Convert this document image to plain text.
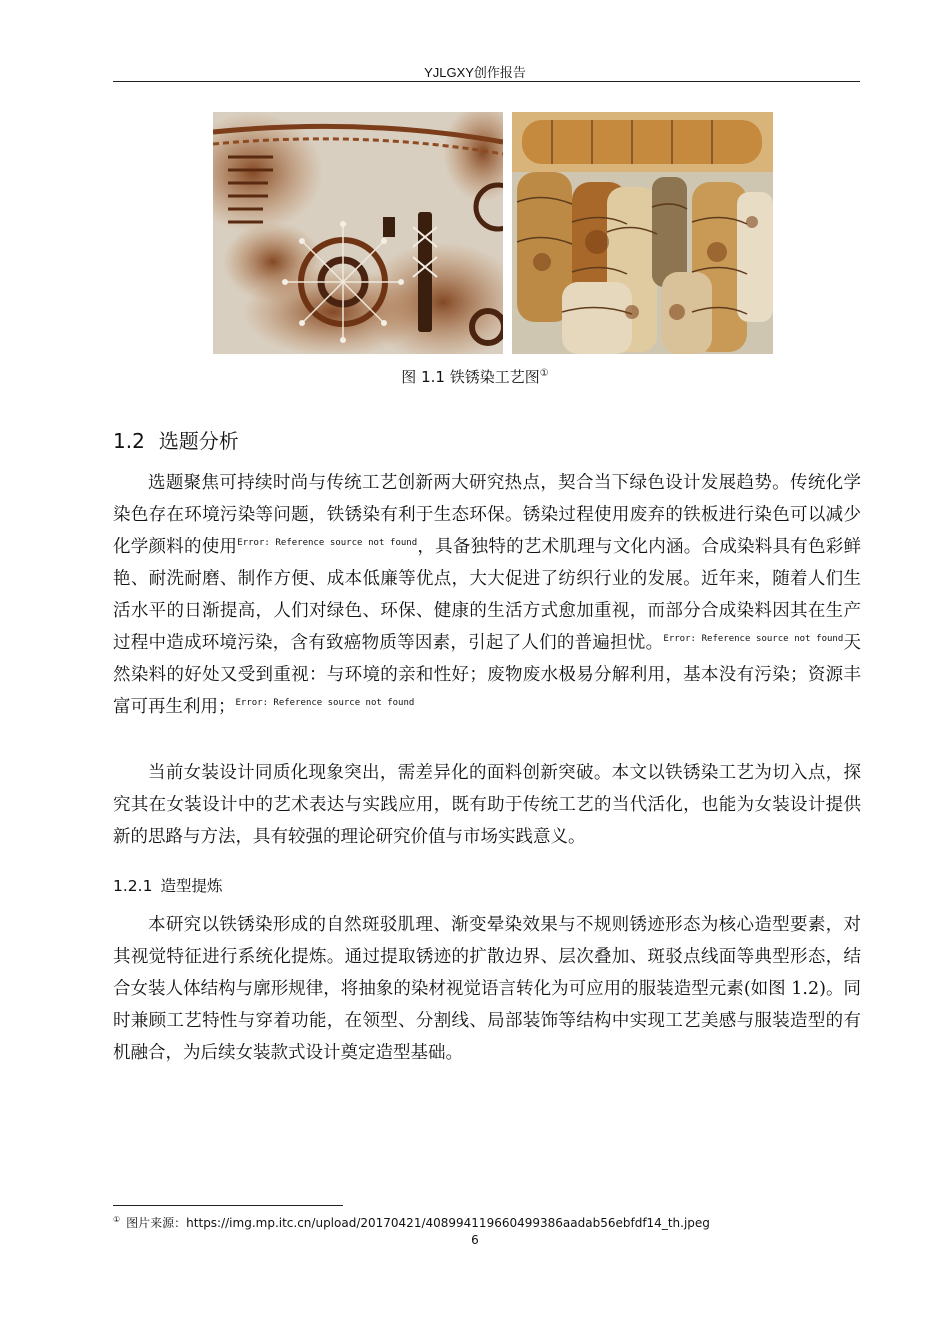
YJLGXY创作报告
图 1.1 铁锈染工艺图①
1.2 选题分析

选题聚焦可持续时尚与传统工艺创新两大研究热点，契合当下绿色设计发展趋势。传统化学染色存在环境污染等问题，铁锈染有利于生态环保。锈染过程使用废弃的铁板进行染色可以减少化学颜料的使用$^{Error: Reference source not found}$，具备独特的艺术肌理与文化内涵。合成染料具有色彩鲜艳、耐洗耐磨、制作方便、成本低廉等优点，大大促进了纺织行业的发展。近年来，随着人们生活水平的日渐提高，人们对绿色、环保、健康的生活方式愈加重视，而部分合成染料因其在生产过程中造成环境污染，含有致癌物质等因素，引起了人们的普遍担忧。$^{Error: Reference source not found}$天然染料的好处又受到重视：与环境的亲和性好；废物废水极易分解利用，基本没有污染；资源丰富可再生利用；$^{Error: Reference source not found}$

当前女装设计同质化现象突出，需差异化的面料创新突破。本文以铁锈染工艺为切入点，探究其在女装设计中的艺术表达与实践应用，既有助于传统工艺的当代活化，也能为女装设计提供新的思路与方法，具有较强的理论研究价值与市场实践意义。

1.2.1 造型提炼

本研究以铁锈染形成的自然斑驳肌理、渐变晕染效果与不规则锈迹形态为核心造型要素，对其视觉特征进行系统化提炼。通过提取锈迹的扩散边界、层次叠加、斑驳点线面等典型形态，结合女装人体结构与廓形规律，将抽象的染材视觉语言转化为可应用的服装造型元素(如图 1.2)。同时兼顾工艺特性与穿着功能，在领型、分割线、局部装饰等结构中实现工艺美感与服装造型的有机融合，为后续女装款式设计奠定造型基础。

① 图片来源：https://img.mp.itc.cn/upload/20170421/408994119660499386aadab56ebfdf14_th.jpeg
6
